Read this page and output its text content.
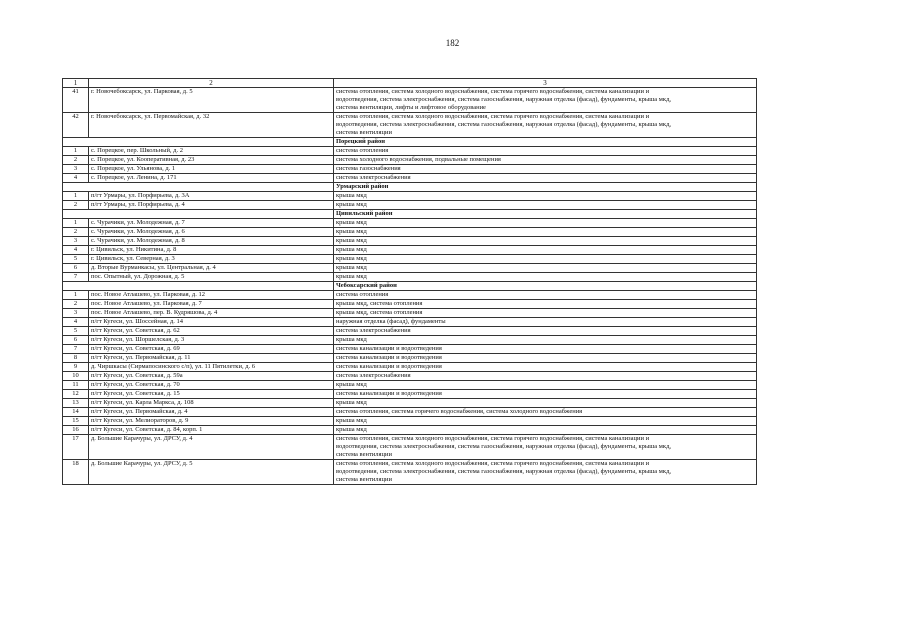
182
1	2	3
41	г. Новочебоксарск, ул. Парковая, д. 5	система отопления, система холодного водоснабжения, система горячего водоснабжения, система канализации и
водоотведения, система электроснабжения, система газоснабжения, наружная отделка (фасад), фундаменты, крыша мкд,
система вентиляции, лифты и лифтовое оборудование

42	г. Новочебоксарск, ул. Первомайская, д. 32	система отопления, система холодного водоснабжения, система горячего водоснабжения, система канализации и
водоотведения, система электроснабжения, система газоснабжения, наружная отделка (фасад), фундаменты, крыша мкд,
система вентиляции

		Порецкий район
1	с. Порецкое, пер. Школьный, д. 2	система отопления

2	с. Порецкое, ул. Кооперативная, д. 23	система холодного водоснабжения, подвальные помещения

3	с. Порецкое, ул. Ульянова, д. 1	система газоснабжения

4	с. Порецкое, ул. Ленина, д. 171	система электроснабжения

		Урмарский район
1	п/гт Урмары, ул. Порфирьева, д. 3А	крыша мкд

2	п/гт Урмары, ул. Порфирьева, д. 4	крыша мкд

		Цивильский район
1	с. Чурачики, ул. Молодежная, д. 7	крыша мкд

2	с. Чурачики, ул. Молодежная, д. 6	крыша мкд

3	с. Чурачики, ул. Молодежная, д. 8	крыша мкд

4	г. Цивильск, ул. Никитина, д. 8	крыша мкд

5	г. Цивильск, ул. Северная, д. 3	крыша мкд

6	д. Вторые Вурманкасы, ул. Центральная, д. 4	крыша мкд

7	пос. Опытный, ул. Дорожная, д. 5	крыша мкд

		Чебоксарский район
1	пос. Новое Атлашево, ул. Парковая, д. 12	система отопления

2	пос. Новое Атлашево, ул. Парковая, д. 7	крыша мкд, система отопления

3	пос. Новое Атлашево, пер. В. Кудряшова, д. 4	крыша мкд, система отопления

4	п/гт Кугеси, ул. Шоссейная, д. 14	наружная отделка (фасад), фундаменты

5	п/гт Кугеси, ул. Советская, д. 62	система электроснабжения

6	п/гт Кугеси, ул. Шоршелская, д. 3	крыша мкд

7	п/гт Кугеси, ул. Советская, д. 69	система канализации и водоотведения

8	п/гт Кугеси, ул. Первомайская, д. 11	система канализации и водоотведения

9	д. Чиршкасы (Сирмапосинского с/п), ул. 11 Пятилетки, д. 6	система канализации и водоотведения

10	п/гт Кугеси, ул. Советская, д. 59а	система электроснабжения

11	п/гт Кугеси, ул. Советская, д. 70	крыша мкд

12	п/гт Кугеси, ул. Советская, д. 15	система канализации и водоотведения

13	п/гт Кугеси, ул. Карла Маркса, д. 108	крыша мкд

14	п/гт Кугеси, ул. Первомайская, д. 4	система отопления, система горячего водоснабжения, система холодного водоснабжения

15	п/гт Кугеси, ул. Мелиораторов, д. 9	крыша мкд

16	п/гт Кугеси, ул. Советская, д. 84, корп. 1	крыша мкд

17	д. Большие Карачуры, ул. ДРСУ, д. 4	система отопления, система холодного водоснабжения, система горячего водоснабжения, система канализации и
водоотведения, система электроснабжения, система газоснабжения, наружная отделка (фасад), фундаменты, крыша мкд,
система вентиляции

18	д. Большие Карачуры, ул. ДРСУ, д. 5	система отопления, система холодного водоснабжения, система горячего водоснабжения, система канализации и
водоотведения, система электроснабжения, система газоснабжения, наружная отделка (фасад), фундаменты, крыша мкд,
система вентиляции
